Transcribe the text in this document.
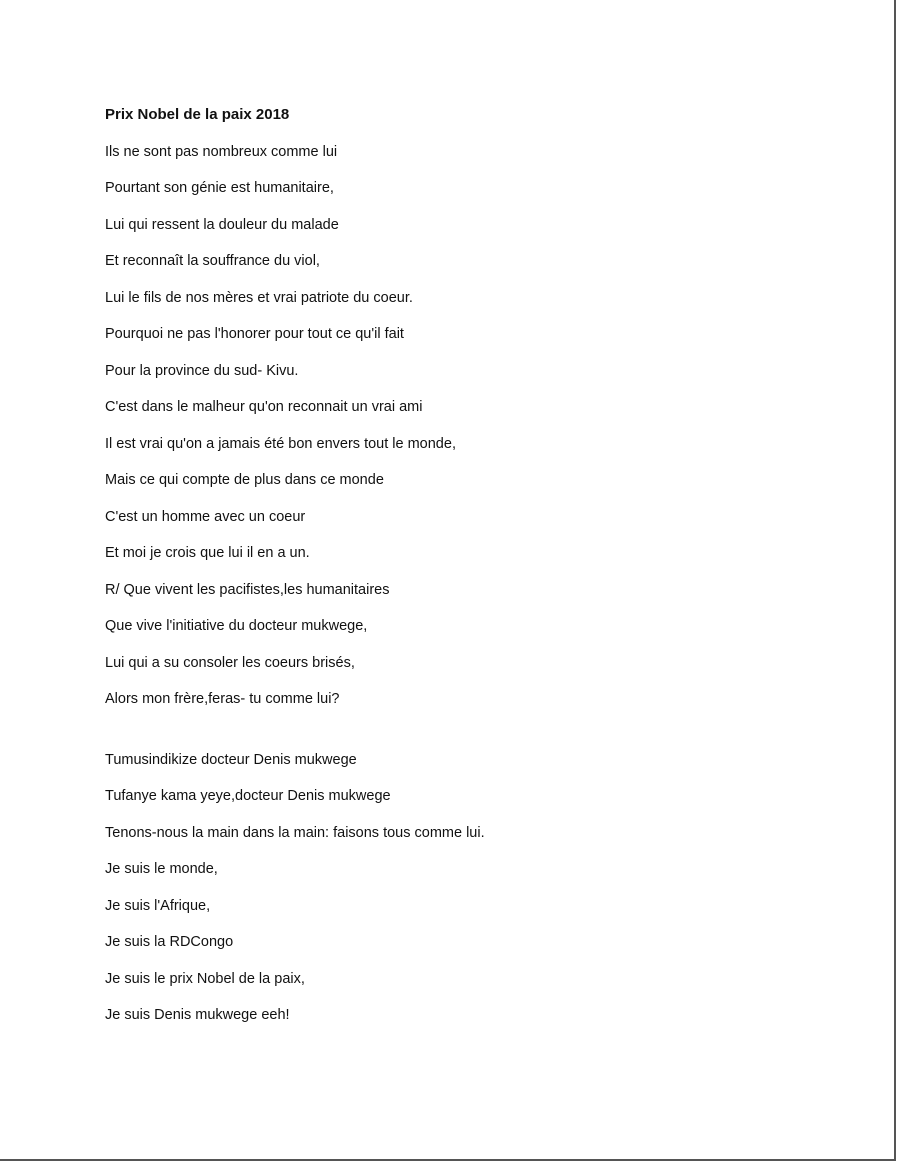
Prix Nobel de la paix 2018
Ils ne sont pas nombreux comme lui
Pourtant son génie est humanitaire,
Lui qui ressent la douleur du malade
Et reconnaît la souffrance du viol,
Lui le fils de nos mères et vrai patriote du coeur.
Pourquoi ne pas l'honorer pour tout ce qu'il fait
Pour la province du sud- Kivu.
C'est dans le malheur qu'on reconnait un vrai ami
Il est vrai qu'on a jamais été bon envers tout le monde,
Mais ce qui compte de plus dans ce monde
C'est un homme avec un coeur
Et moi je crois que lui il en a un.
R/ Que vivent les pacifistes,les humanitaires
Que vive l'initiative du docteur mukwege,
Lui qui a su consoler les coeurs brisés,
Alors mon frère,feras- tu comme lui?
Tumusindikize docteur Denis mukwege
Tufanye kama yeye,docteur Denis mukwege
Tenons-nous la main dans la main: faisons tous comme lui.
Je suis le monde,
Je suis l'Afrique,
Je suis la RDCongo
Je suis le prix Nobel de la paix,
Je suis Denis mukwege eeh!
